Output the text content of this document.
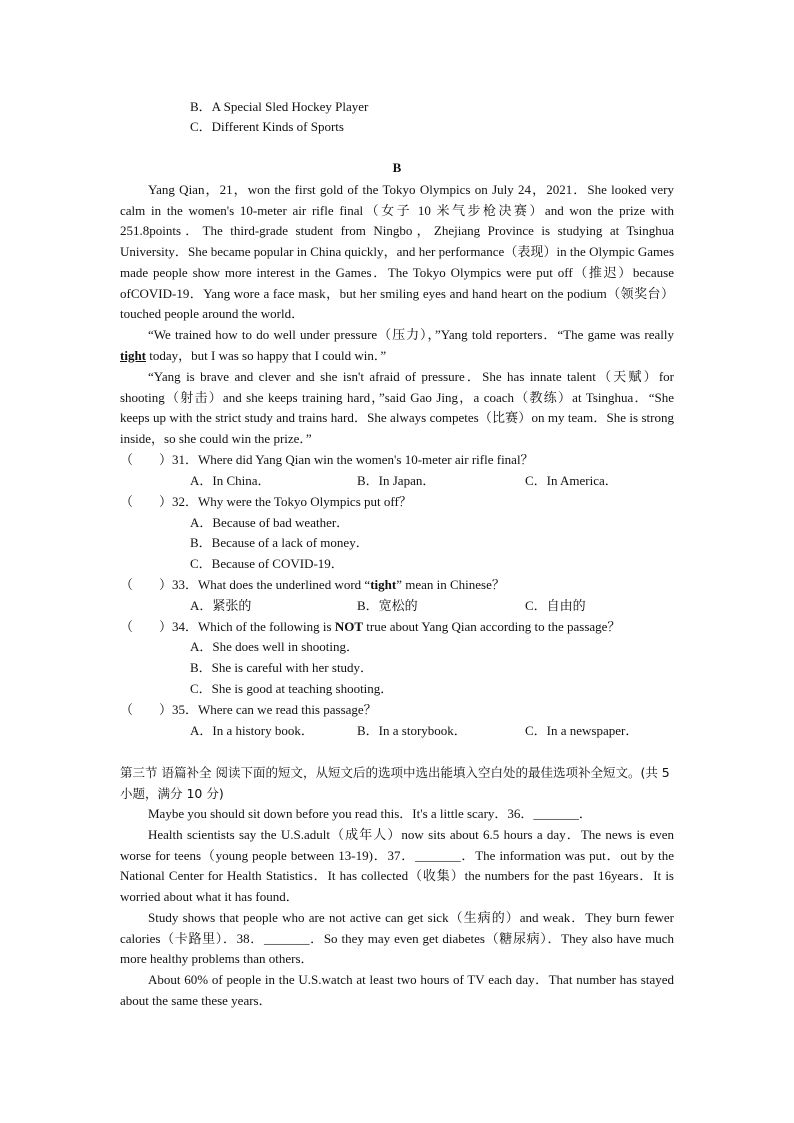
B．A Special Sled Hockey Player
C．Different Kinds of Sports
B
Yang Qian，21，won the first gold of the Tokyo Olympics on July 24，2021．She looked very calm in the women's 10-meter air rifle final（女子 10 米气步枪决赛）and won the prize with 251.8points．The third-grade student from Ningbo，Zhejiang Province is studying at Tsinghua University．She became popular in China quickly，and her performance（表现）in the Olympic Games made people show more interest in the Games．The Tokyo Olympics were put off（推迟）because ofCOVID-19．Yang wore a face mask，but her smiling eyes and hand heart on the podium（领奖台）touched people around the world．
“We trained how to do well under pressure（压力），”Yang told reporters．“The game was really tight today，but I was so happy that I could win．”
“Yang is brave and clever and she isn't afraid of pressure．She has innate talent（天赋）for shooting（射击）and she keeps training hard，”said Gao Jing，a coach（教练）at Tsinghua．“She keeps up with the strict study and trains hard．She always competes（比赛）on my team．She is strong inside，so she could win the prize．”
（　　）31．Where did Yang Qian win the women's 10-meter air rifle final？
A．In China．	B．In Japan．	C．In America．
（　　）32．Why were the Tokyo Olympics put off？
A．Because of bad weather．
B．Because of a lack of money．
C．Because of COVID-19．
（　　）33．What does the underlined word “tight” mean in Chinese？
A．紧张的	B．宽松的	C．自由的
（　　）34．Which of the following is NOT true about Yang Qian according to the passage？
A．She does well in shooting．
B．She is careful with her study．
C．She is good at teaching shooting．
（　　）35．Where can we read this passage？
A．In a history book．	B．In a storybook．	C．In a newspaper．
第三节 语篇补全 阅读下面的短文，从短文后的选项中选出能填入空白处的最佳选项补全短文。(共 5 小题，满分 10 分)
Maybe you should sit down before you read this．It's a little scary．36．_______．
Health scientists say the U.S.adult（成年人）now sits about 6.5 hours a day．The news is even worse for teens（young people between 13-19)．37．_______．The information was put．out by the National Center for Health Statistics．It has collected（收集）the numbers for the past 16years．It is worried about what it has found．
Study shows that people who are not active can get sick（生病的）and weak．They burn fewer calories（卡路里）．38．_______．So they may even get diabetes（糖尿病）．They also have much more healthy problems than others．
About 60% of people in the U.S.watch at least two hours of TV each day．That number has stayed about the same these years．
